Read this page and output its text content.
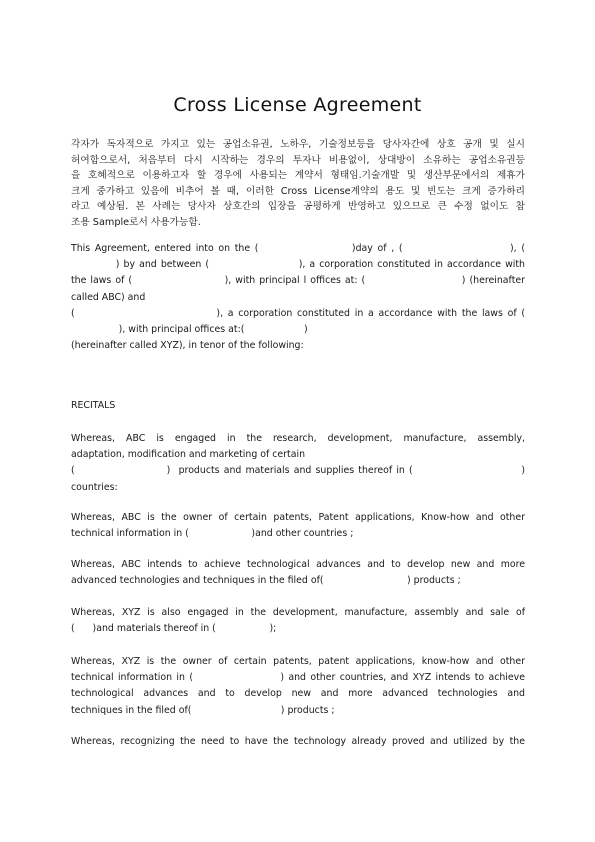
Cross License Agreement
각자가 독자적으로 가지고 있는 공업소유권, 노하우, 기술정보등을 당사자간에 상호 공개 및 실시
허여함으로서, 처음부터 다시 시작하는 경우의 투자나 비용없이, 상대방이 소유하는 공업소유권등
을 호혜적으로 이용하고자 할 경우에 사용되는 계약서 형태임.기술개발 및 생산부문에서의 제휴가
크게 중가하고 있음에 비추어 볼 때, 이러한 Cross License계약의 용도 및 빈도는 크게 증가하리
라고 예상됨. 본 사례는 당사자 상호간의 입장을 공평하게 반영하고 있으므로 큰 수정 없이도 참
조용 Sample로서 사용가능함.
This Agreement, entered into on the (                    )day of , (                       ), (
) by and between (                      ), a corporation constituted in accordance with
the laws of (                       ), with principal l offices at: (                        ) (hereinafter
called ABC) and
(                              ), a corporation constituted in a accordance with the laws of (
), with principal offices at:(                    )
(hereinafter called XYZ), in tenor of the following:
RECITALS
Whereas, ABC is engaged in the research, development, manufacture, assembly,
adaptation, modification and marketing of certain
(                      )  products and materials and supplies thereof in (                          )
countries:
Whereas, ABC is the owner of certain patents, Patent applications, Know-how and other
technical information in (                     )and other countries ;
Whereas, ABC intends to achieve technological advances and to develop new and more
advanced technologies and techniques in the filed of(                            ) products ;
Whereas, XYZ is also engaged in the development, manufacture, assembly and sale of
(      )and materials thereof in (                  );
Whereas, XYZ is the owner of certain patents, patent applications, know-how and other
technical information in (                    ) and other countries, and XYZ intends to achieve
technological advances and to develop new and more advanced technologies and
techniques in the filed of(                              ) products ;
Whereas, recognizing the need to have the technology already proved and utilized by the
